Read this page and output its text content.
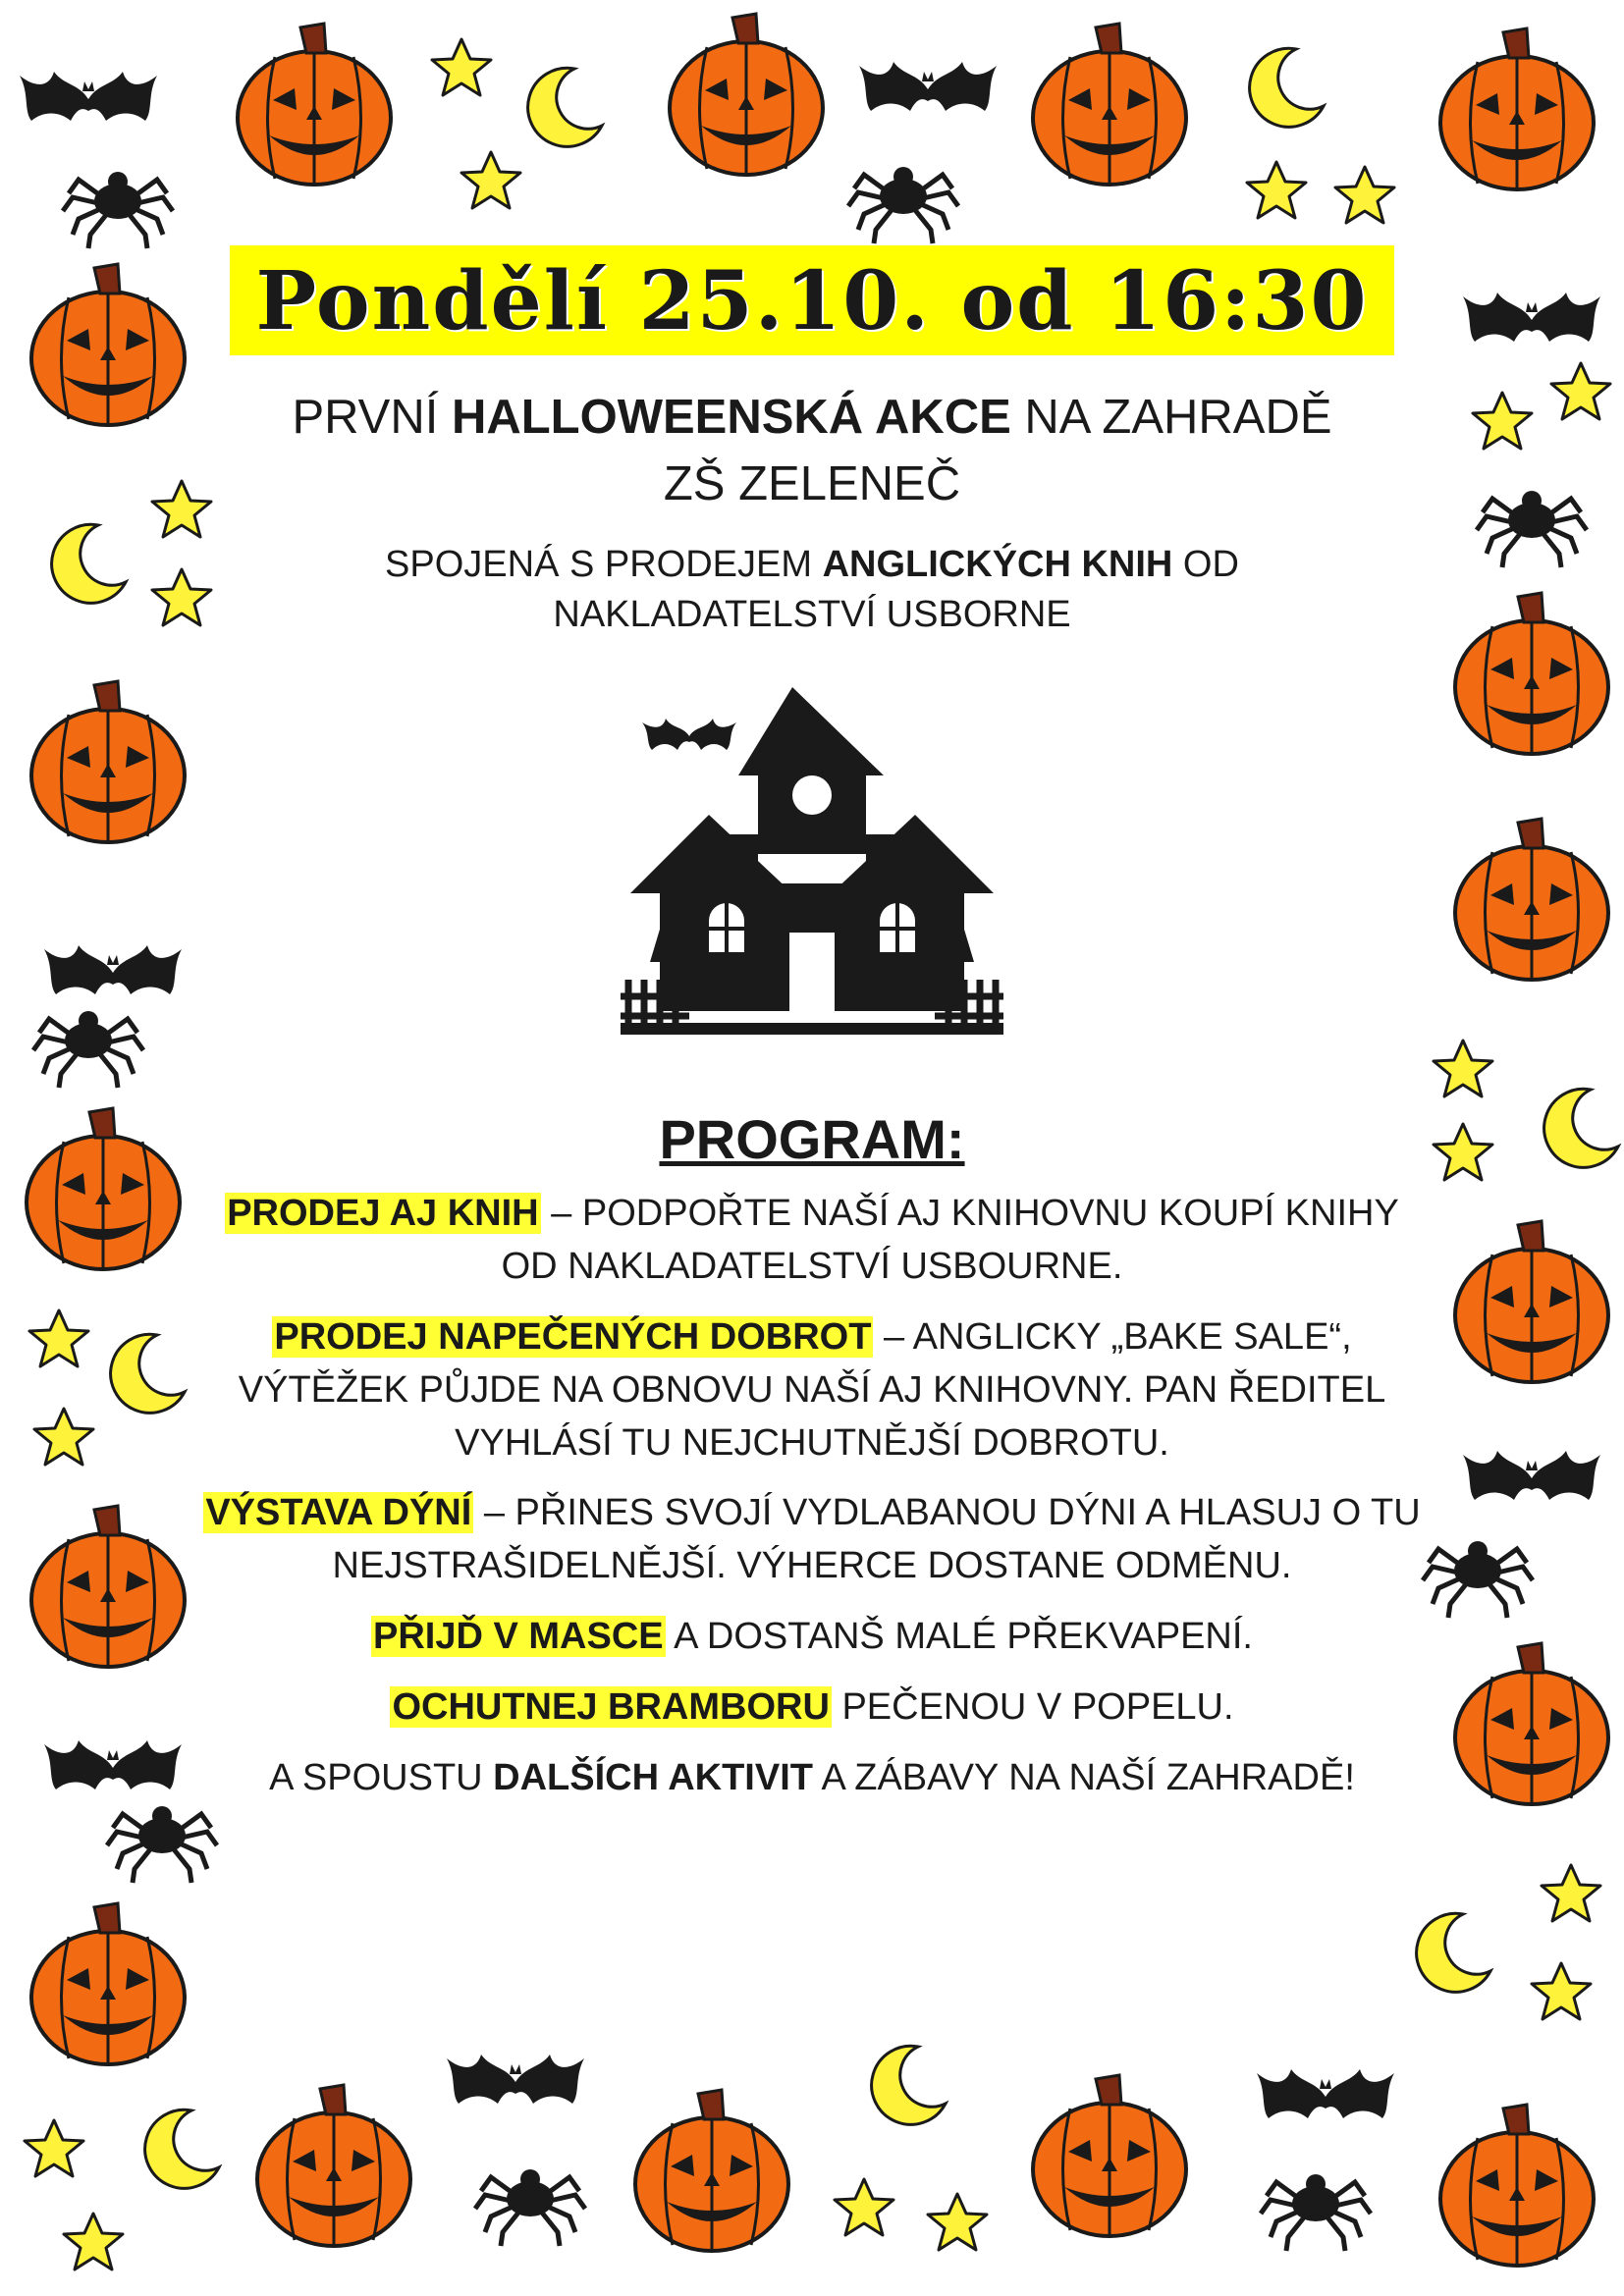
Pondělí 25.10. od 16:30
PRVNÍ HALLOWEENSKÁ AKCE NA ZAHRADĚ ZŠ ZELENEČ
SPOJENÁ S PRODEJEM ANGLICKÝCH KNIH OD NAKLADATELSTVÍ USBORNE
PROGRAM:
PRODEJ AJ KNIH – PODPOŘTE NAŠÍ AJ KNIHOVNU KOUPÍ KNIHY OD NAKLADATELSTVÍ USBOURNE.
PRODEJ NAPEČENÝCH DOBROT – ANGLICKY „BAKE SALE“, VÝTĚŽEK PŮJDE NA OBNOVU NAŠÍ AJ KNIHOVNY. PAN ŘEDITEL VYHLÁSÍ TU NEJCHUTNĚJŠÍ DOBROTU.
VÝSTAVA DÝNÍ – PŘINES SVOJÍ VYDLABANOU DÝNI A HLASUJ O TU NEJSTRAŠIDELNĚJŠÍ. VÝHERCE DOSTANE ODMĚNU.
PŘIJĎ V MASCE A DOSTANŠ MALÉ PŘEKVAPENÍ.
OCHUTNEJ BRAMBORU PEČENOU V POPELU.
A SPOUSTU DALŠÍCH AKTIVIT A ZÁBAVY NA NAŠÍ ZAHRADĚ!
